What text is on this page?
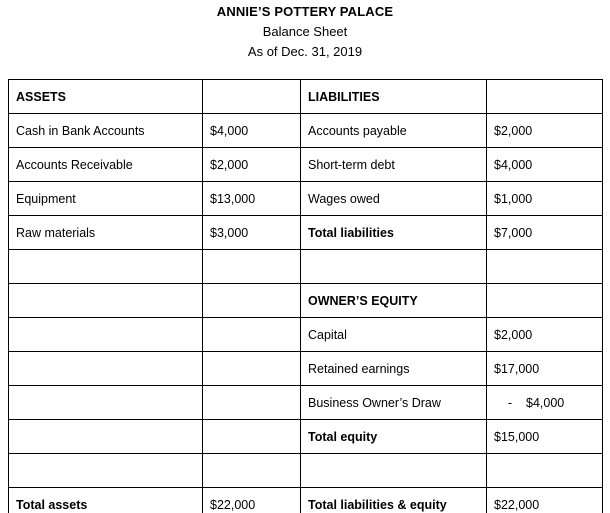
ANNIE’S POTTERY PALACE
Balance Sheet
As of Dec. 31, 2019
ASSETS		LIABILITIES	
Cash in Bank Accounts	$4,000	Accounts payable	$2,000
Accounts Receivable	$2,000	Short-term debt	$4,000
Equipment	$13,000	Wages owed	$1,000
Raw materials	$3,000	Total liabilities	$7,000

		OWNER’S EQUITY	
		Capital	$2,000
		Retained earnings	$17,000
		Business Owner’s Draw	- $4,000
		Total equity	$15,000

Total assets	$22,000	Total liabilities & equity	$22,000
